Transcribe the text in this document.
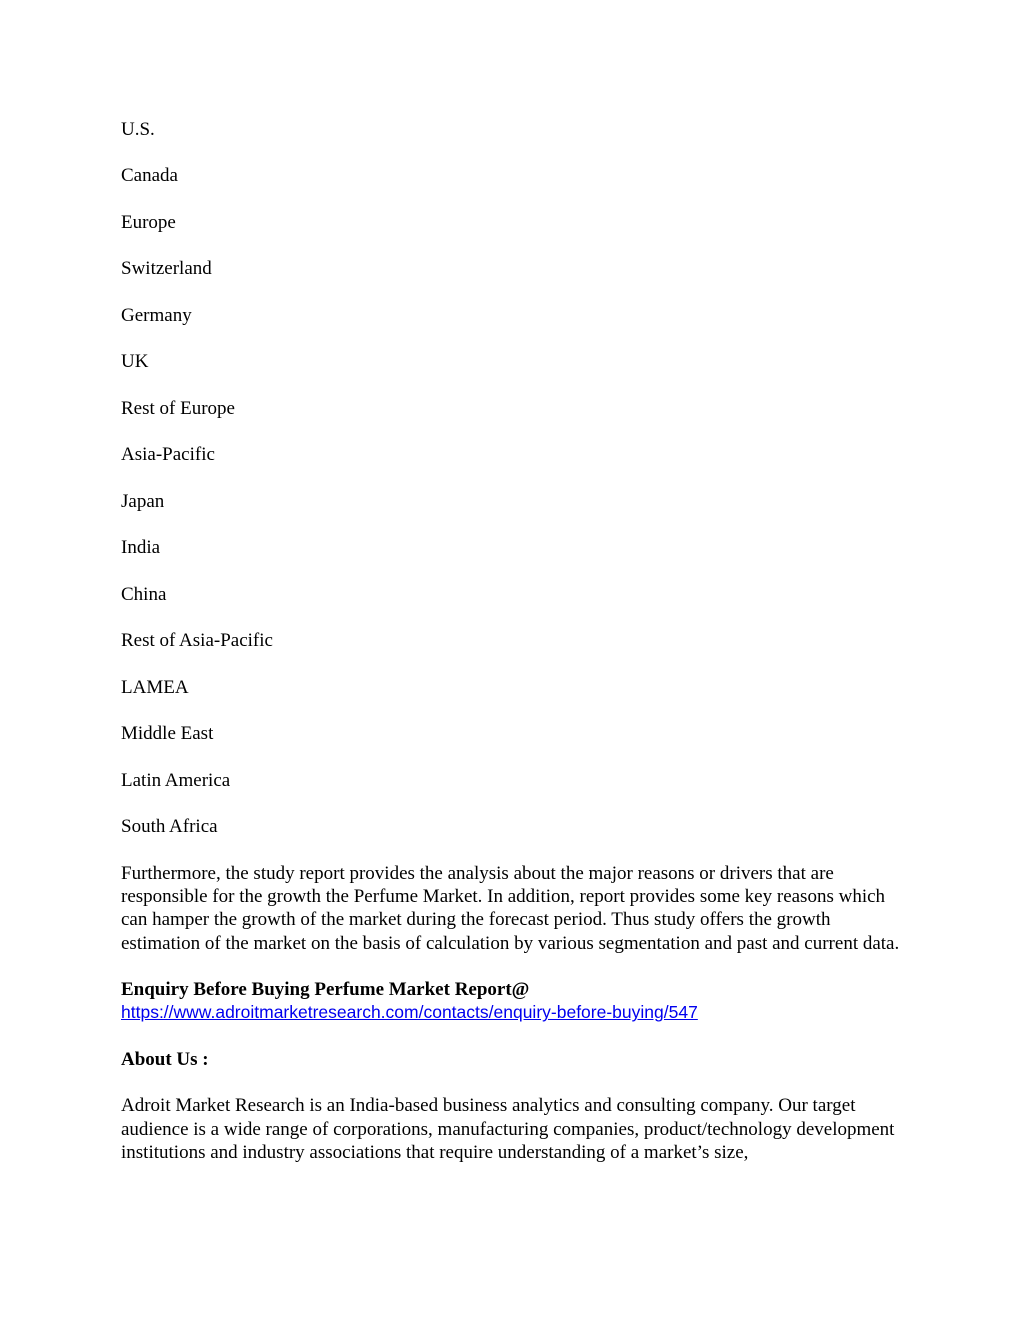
U.S.
Canada
Europe
Switzerland
Germany
UK
Rest of Europe
Asia-Pacific
Japan
India
China
Rest of Asia-Pacific
LAMEA
Middle East
Latin America
South Africa

Furthermore, the study report provides the analysis about the major reasons or drivers that are responsible for the growth the Perfume Market. In addition, report provides some key reasons which can hamper the growth of the market during the forecast period. Thus study offers the growth estimation of the market on the basis of calculation by various segmentation and past and current data.

Enquiry Before Buying Perfume Market Report@
https://www.adroitmarketresearch.com/contacts/enquiry-before-buying/547
About Us :

Adroit Market Research is an India-based business analytics and consulting company. Our target audience is a wide range of corporations, manufacturing companies, product/technology development institutions and industry associations that require understanding of a market’s size,
